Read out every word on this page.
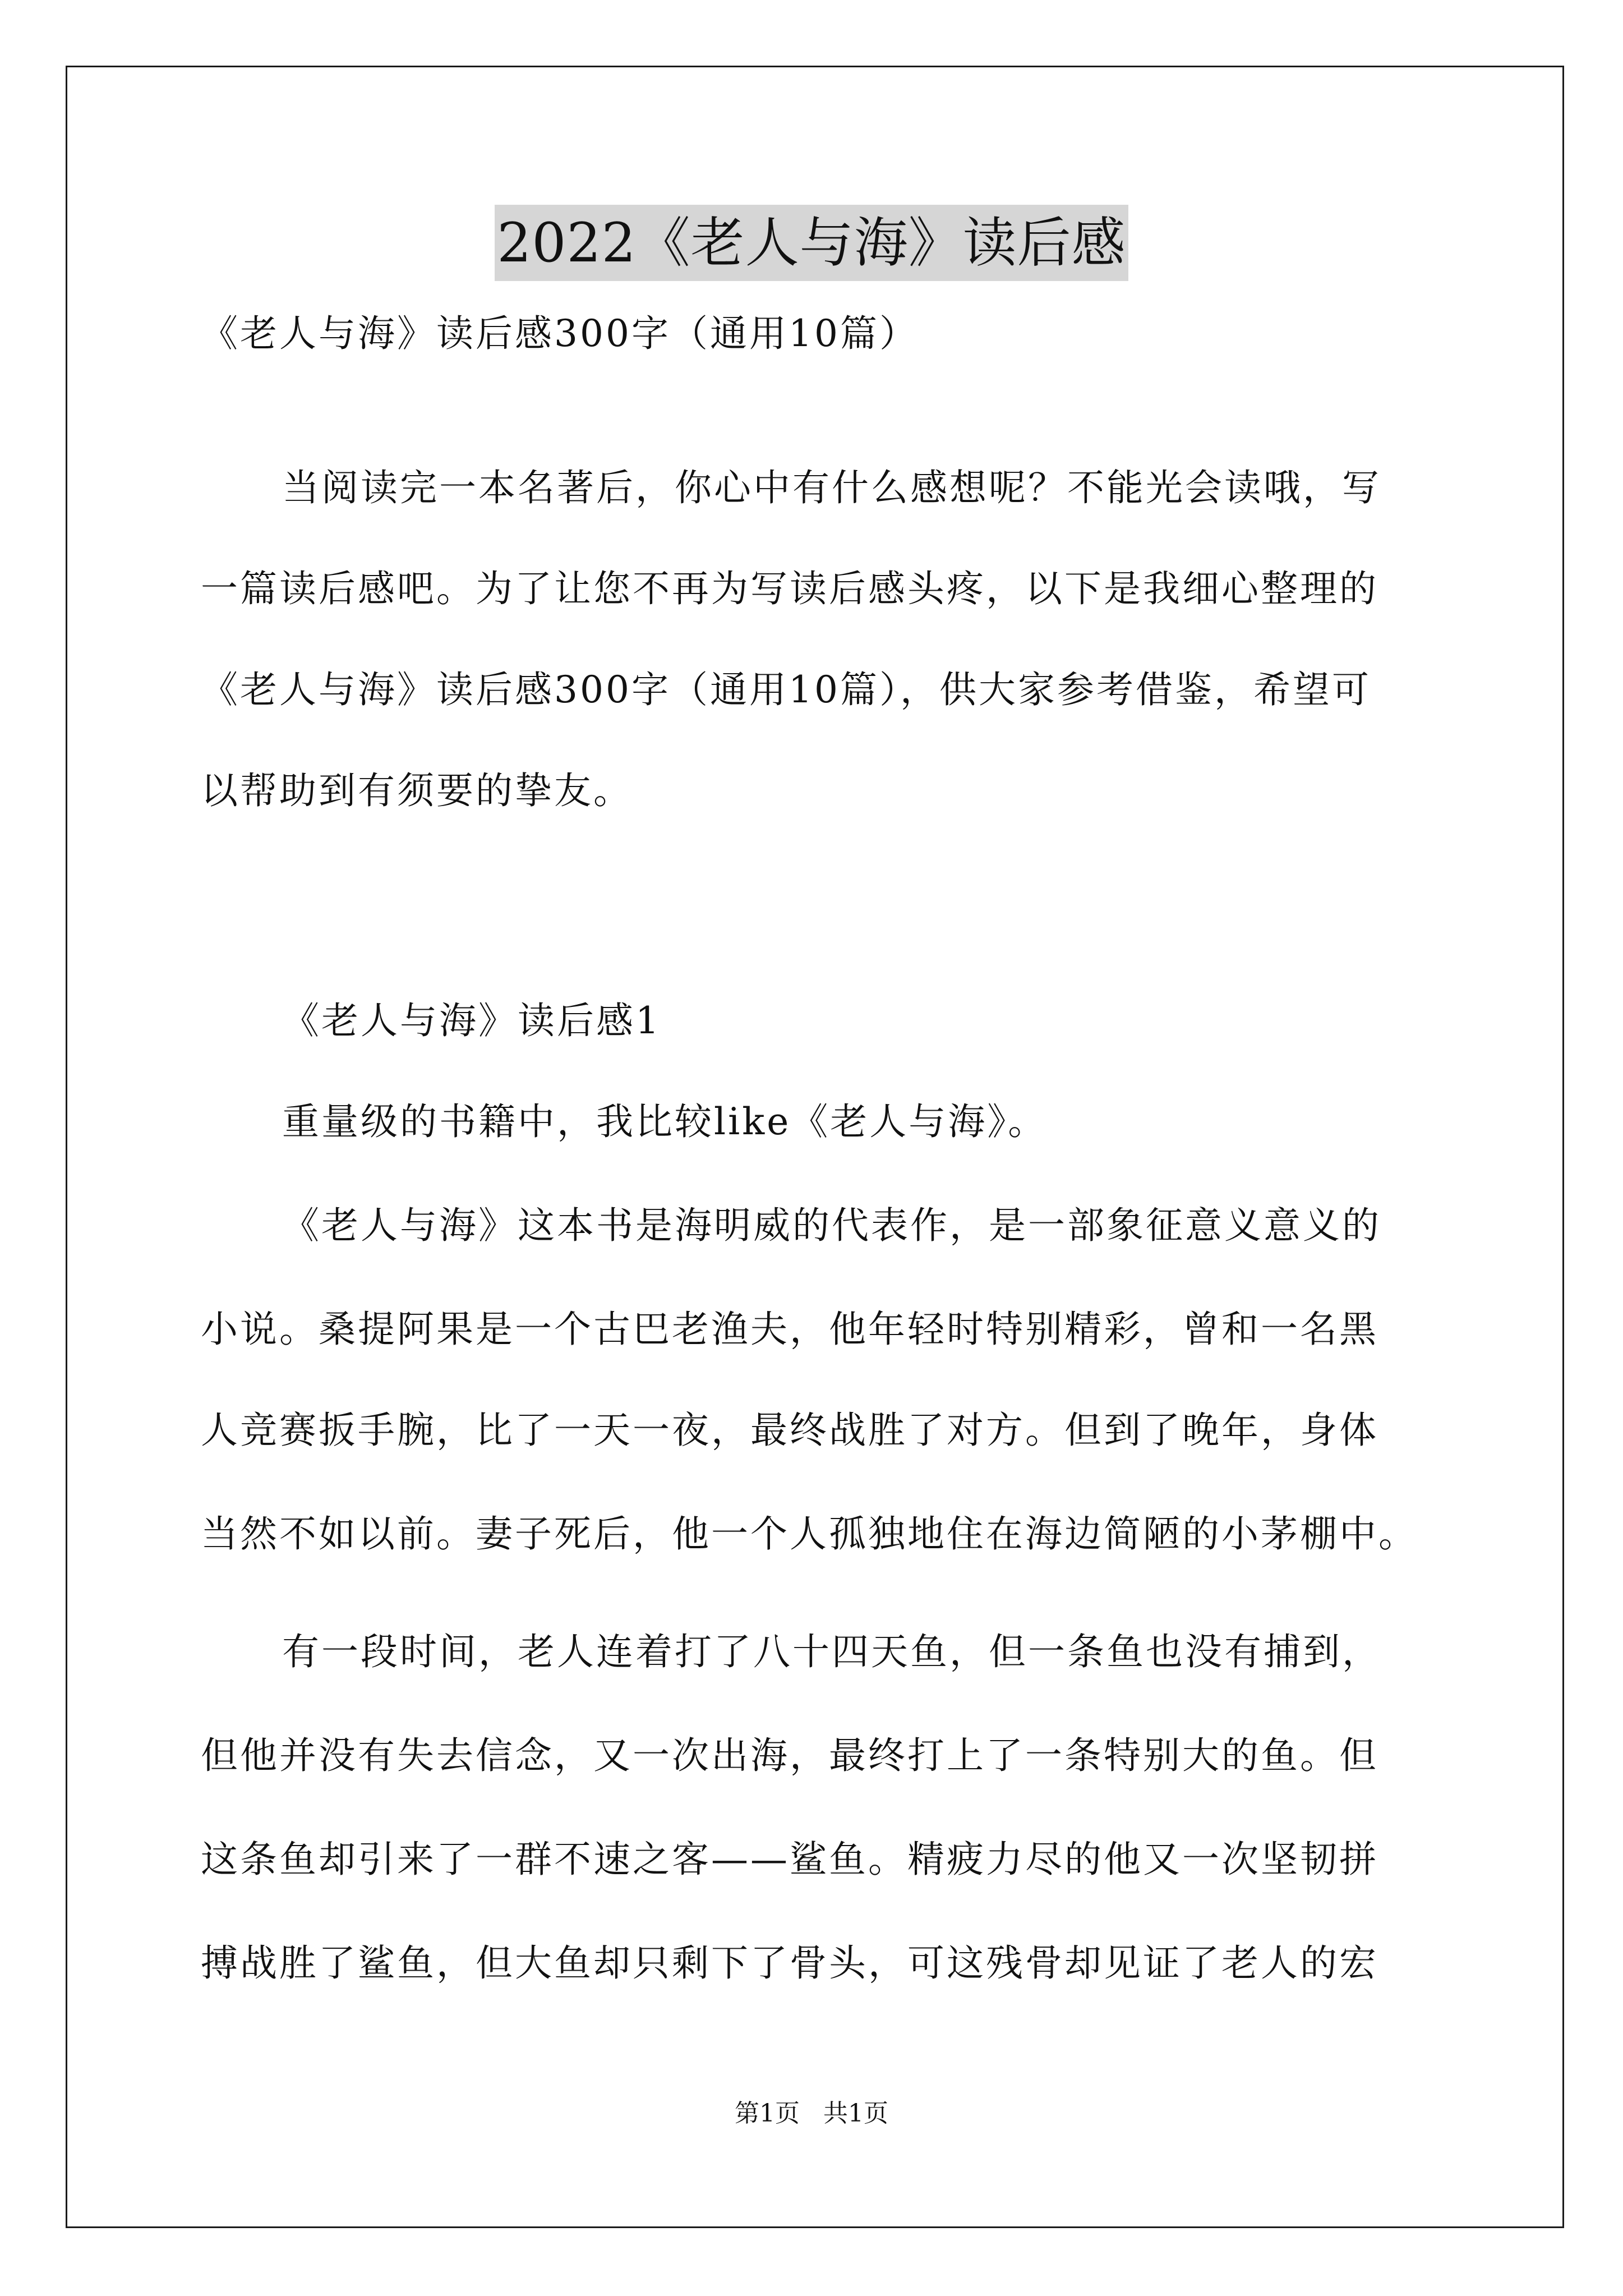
2022《老人与海》读后感
《老人与海》读后感300字（通用10篇）
当阅读完一本名著后，你心中有什么感想呢？不能光会读哦，写
一篇读后感吧。为了让您不再为写读后感头疼，以下是我细心整理的
《老人与海》读后感300字（通用10篇），供大家参考借鉴，希望可
以帮助到有须要的挚友。
《老人与海》读后感1
重量级的书籍中，我比较like《老人与海》。
《老人与海》这本书是海明威的代表作，是一部象征意义意义的
小说。桑提阿果是一个古巴老渔夫，他年轻时特别精彩，曾和一名黑
人竞赛扳手腕，比了一天一夜，最终战胜了对方。但到了晚年，身体
当然不如以前。妻子死后，他一个人孤独地住在海边简陋的小茅棚中。
有一段时间，老人连着打了八十四天鱼，但一条鱼也没有捕到，
但他并没有失去信念，又一次出海，最终打上了一条特别大的鱼。但
这条鱼却引来了一群不速之客——鲨鱼。精疲力尽的他又一次坚韧拼
搏战胜了鲨鱼，但大鱼却只剩下了骨头，可这残骨却见证了老人的宏
第1页   共1页
